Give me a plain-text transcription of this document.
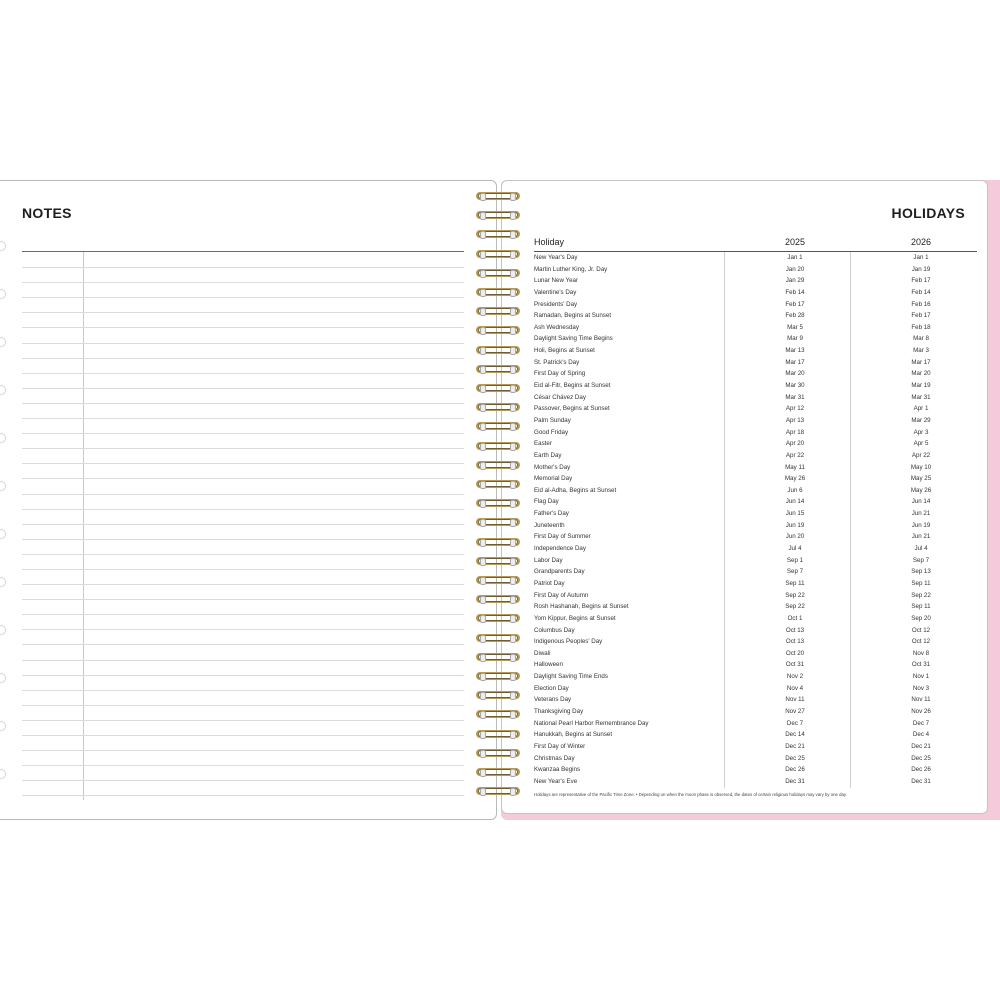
NOTES	HOLIDAYS
Holiday	2025	2026
New Year's Day	Jan 1	Jan 1
Martin Luther King, Jr. Day	Jan 20	Jan 19
Lunar New Year	Jan 29	Feb 17
Valentine's Day	Feb 14	Feb 14
Presidents' Day	Feb 17	Feb 16
Ramadan, Begins at Sunset	Feb 28	Feb 17
Ash Wednesday	Mar 5	Feb 18
Daylight Saving Time Begins	Mar 9	Mar 8
Holi, Begins at Sunset	Mar 13	Mar 3
St. Patrick's Day	Mar 17	Mar 17
First Day of Spring	Mar 20	Mar 20
Eid al-Fitr, Begins at Sunset	Mar 30	Mar 19
César Chávez Day	Mar 31	Mar 31
Passover, Begins at Sunset	Apr 12	Apr 1
Palm Sunday	Apr 13	Mar 29
Good Friday	Apr 18	Apr 3
Easter	Apr 20	Apr 5
Earth Day	Apr 22	Apr 22
Mother's Day	May 11	May 10
Memorial Day	May 26	May 25
Eid al-Adha, Begins at Sunset	Jun 6	May 26
Flag Day	Jun 14	Jun 14
Father's Day	Jun 15	Jun 21
Juneteenth	Jun 19	Jun 19
First Day of Summer	Jun 20	Jun 21
Independence Day	Jul 4	Jul 4
Labor Day	Sep 1	Sep 7
Grandparents Day	Sep 7	Sep 13
Patriot Day	Sep 11	Sep 11
First Day of Autumn	Sep 22	Sep 22
Rosh Hashanah, Begins at Sunset	Sep 22	Sep 11
Yom Kippur, Begins at Sunset	Oct 1	Sep 20
Columbus Day	Oct 13	Oct 12
Indigenous Peoples' Day	Oct 13	Oct 12
Diwali	Oct 20	Nov 8
Halloween	Oct 31	Oct 31
Daylight Saving Time Ends	Nov 2	Nov 1
Election Day	Nov 4	Nov 3
Veterans Day	Nov 11	Nov 11
Thanksgiving Day	Nov 27	Nov 26
National Pearl Harbor Remembrance Day	Dec 7	Dec 7
Hanukkah, Begins at Sunset	Dec 14	Dec 4
First Day of Winter	Dec 21	Dec 21
Christmas Day	Dec 25	Dec 25
Kwanzaa Begins	Dec 26	Dec 26
New Year's Eve	Dec 31	Dec 31
Holidays are representative of the Pacific Time Zone. • Depending on when the moon phase is observed, the dates of certain religious holidays may vary by one day.
